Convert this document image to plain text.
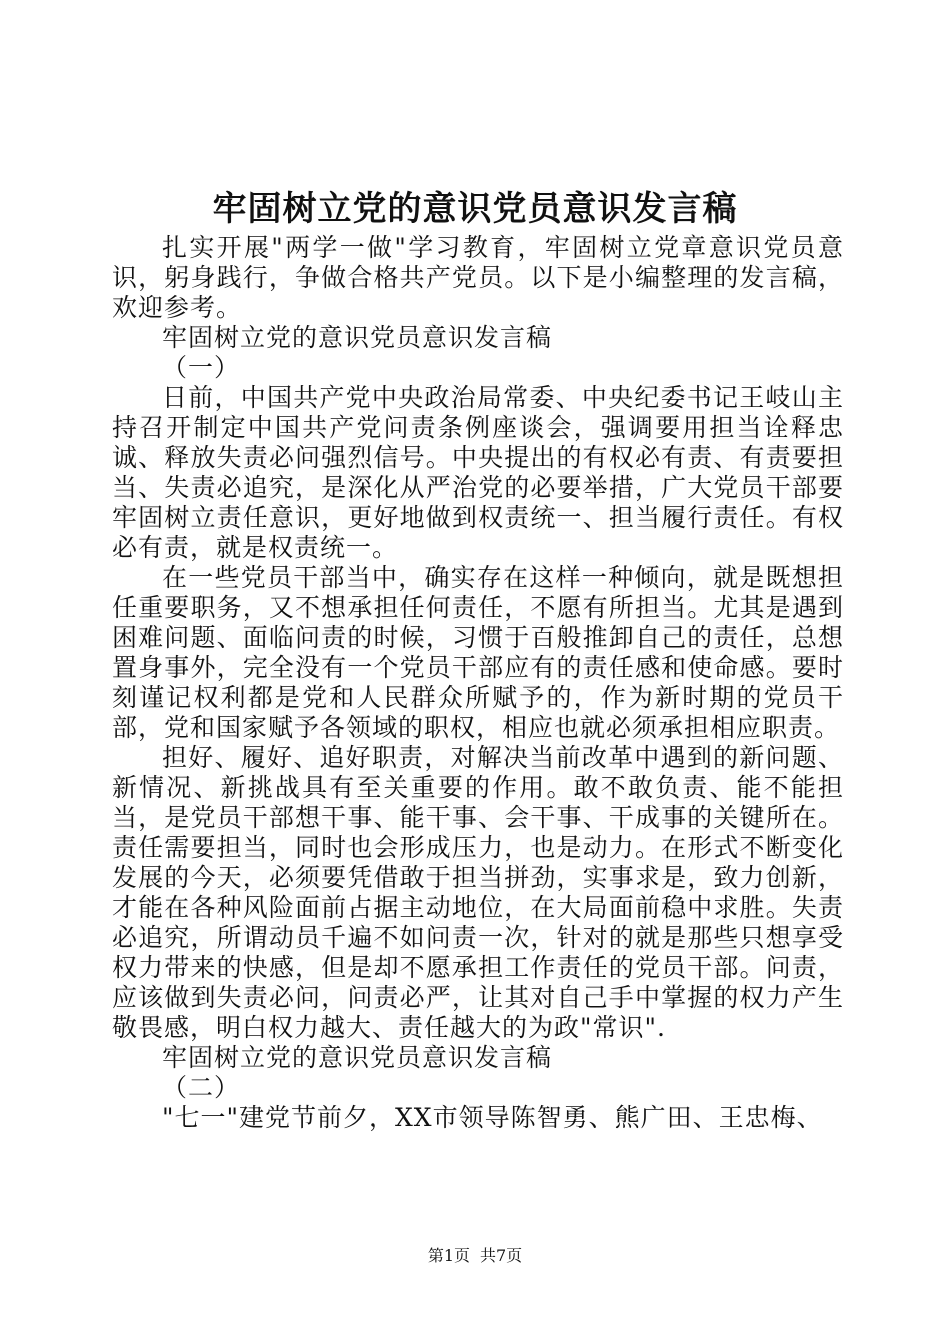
牢固树立党的意识党员意识发言稿

扎实开展"两学一做"学习教育，牢固树立党章意识党员意识，躬身践行，争做合格共产党员。以下是小编整理的发言稿，欢迎参考。

牢固树立党的意识党员意识发言稿

（一）

日前，中国共产党中央政治局常委、中央纪委书记王岐山主持召开制定中国共产党问责条例座谈会，强调要用担当诠释忠诚、释放失责必问强烈信号。中央提出的有权必有责、有责要担当、失责必追究，是深化从严治党的必要举措，广大党员干部要牢固树立责任意识，更好地做到权责统一、担当履行责任。有权必有责，就是权责统一。

在一些党员干部当中，确实存在这样一种倾向，就是既想担任重要职务，又不想承担任何责任，不愿有所担当。尤其是遇到困难问题、面临问责的时候，习惯于百般推卸自己的责任，总想置身事外，完全没有一个党员干部应有的责任感和使命感。要时刻谨记权利都是党和人民群众所赋予的，作为新时期的党员干部，党和国家赋予各领域的职权，相应也就必须承担相应职责。

担好、履好、追好职责，对解决当前改革中遇到的新问题、新情况、新挑战具有至关重要的作用。敢不敢负责、能不能担当，是党员干部想干事、能干事、会干事、干成事的关键所在。责任需要担当，同时也会形成压力，也是动力。在形式不断变化发展的今天，必须要凭借敢于担当拼劲，实事求是，致力创新，才能在各种风险面前占据主动地位，在大局面前稳中求胜。失责必追究，所谓动员千遍不如问责一次，针对的就是那些只想享受权力带来的快感，但是却不愿承担工作责任的党员干部。问责，应该做到失责必问，问责必严，让其对自己手中掌握的权力产生敬畏感，明白权力越大、责任越大的为政"常识".

牢固树立党的意识党员意识发言稿

（二）

"七一"建党节前夕，XX市领导陈智勇、熊广田、王忠梅、

第1页 共7页
